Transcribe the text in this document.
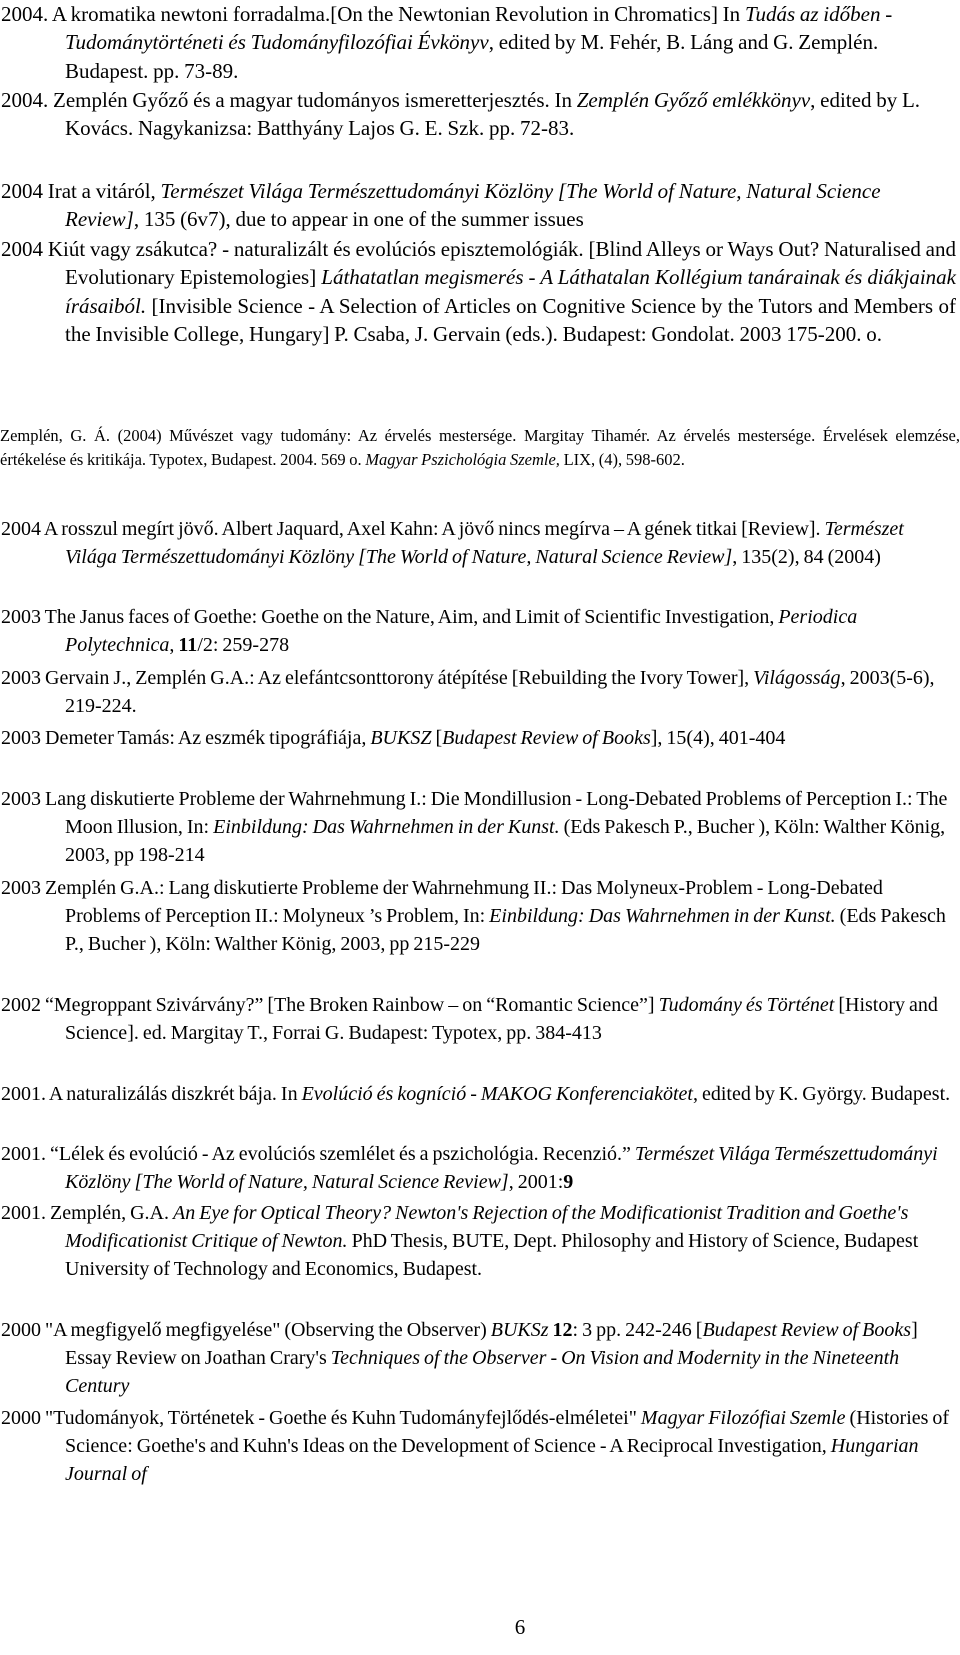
2004. A kromatika newtoni forradalma.[On the Newtonian Revolution in Chromatics] In Tudás az időben - Tudománytörténeti és Tudományfilozófiai Évkönyv, edited by M. Fehér, B. Láng and G. Zemplén. Budapest. pp. 73-89.
2004. Zemplén Győző és a magyar tudományos ismeretterjesztés. In Zemplén Győző emlékkönyv, edited by L. Kovács. Nagykanizsa: Batthyány Lajos G. E. Szk. pp. 72-83.
2004 Irat a vitáról, Természet Világa Természettudományi Közlöny [The World of Nature, Natural Science Review], 135 (6v7), due to appear in one of the summer issues
2004 Kiút vagy zsákutca? - naturalizált és evolúciós episztemológiák. [Blind Alleys or Ways Out? Naturalised and Evolutionary Epistemologies] Láthatatlan megismerés - A Láthatalan Kollégium tanárainak és diákjainak írásaiból. [Invisible Science - A Selection of Articles on Cognitive Science by the Tutors and Members of the Invisible College, Hungary] P. Csaba, J. Gervain (eds.). Budapest: Gondolat. 2003 175-200. o.
Zemplén, G. Á. (2004) Művészet vagy tudomány: Az érvelés mestersége. Margitay Tihamér. Az érvelés mestersége. Érvelések elemzése, értékelése és kritikája. Typotex, Budapest. 2004. 569 o. Magyar Pszichológia Szemle, LIX, (4), 598-602.
2004 A rosszul megírt jövő. Albert Jaquard, Axel Kahn: A jövő nincs megírva – A gének titkai [Review]. Természet Világa Természettudományi Közlöny [The World of Nature, Natural Science Review], 135(2), 84 (2004)
2003 The Janus faces of Goethe: Goethe on the Nature, Aim, and Limit of Scientific Investigation, Periodica Polytechnica, 11/2: 259-278
2003 Gervain J., Zemplén G.A.: Az elefántcsonttorony átépítése [Rebuilding the Ivory Tower], Világosság, 2003(5-6), 219-224.
2003 Demeter Tamás: Az eszmék tipográfiája, BUKSZ [Budapest Review of Books], 15(4), 401-404
2003 Lang diskutierte Probleme der Wahrnehmung I.: Die Mondillusion - Long-Debated Problems of Perception I.: The Moon Illusion, In: Einbildung: Das Wahrnehmen in der Kunst. (Eds Pakesch P., Bucher ), Köln: Walther König, 2003, pp 198-214
2003 Zemplén G.A.: Lang diskutierte Probleme der Wahrnehmung II.: Das Molyneux-Problem - Long-Debated Problems of Perception II.: Molyneux ’s Problem, In: Einbildung: Das Wahrnehmen in der Kunst. (Eds Pakesch P., Bucher ), Köln: Walther König, 2003, pp 215-229
2002 “Megroppant Szivárvány?” [The Broken Rainbow – on “Romantic Science”] Tudomány és Történet [History and Science]. ed. Margitay T., Forrai G. Budapest: Typotex, pp. 384-413
2001. A naturalizálás diszkrét bája. In Evolúció és kogníció - MAKOG Konferenciakötet, edited by K. György. Budapest.
2001. “Lélek és evolúció - Az evolúciós szemlélet és a pszichológia. Recenzió.” Természet Világa Természettudományi Közlöny [The World of Nature, Natural Science Review], 2001:9
2001. Zemplén, G.A. An Eye for Optical Theory? Newton's Rejection of the Modificationist Tradition and Goethe's Modificationist Critique of Newton. PhD Thesis, BUTE, Dept. Philosophy and History of Science, Budapest University of Technology and Economics, Budapest.
2000 "A megfigyelő megfigyelése" (Observing the Observer) BUKSz 12: 3 pp. 242-246 [Budapest Review of Books] Essay Review on Joathan Crary's Techniques of the Observer - On Vision and Modernity in the Nineteenth Century
2000 "Tudományok, Történetek - Goethe és Kuhn Tudományfejlődés-elméletei" Magyar Filozófiai Szemle (Histories of Science: Goethe's and Kuhn's Ideas on the Development of Science - A Reciprocal Investigation, Hungarian Journal of
6
